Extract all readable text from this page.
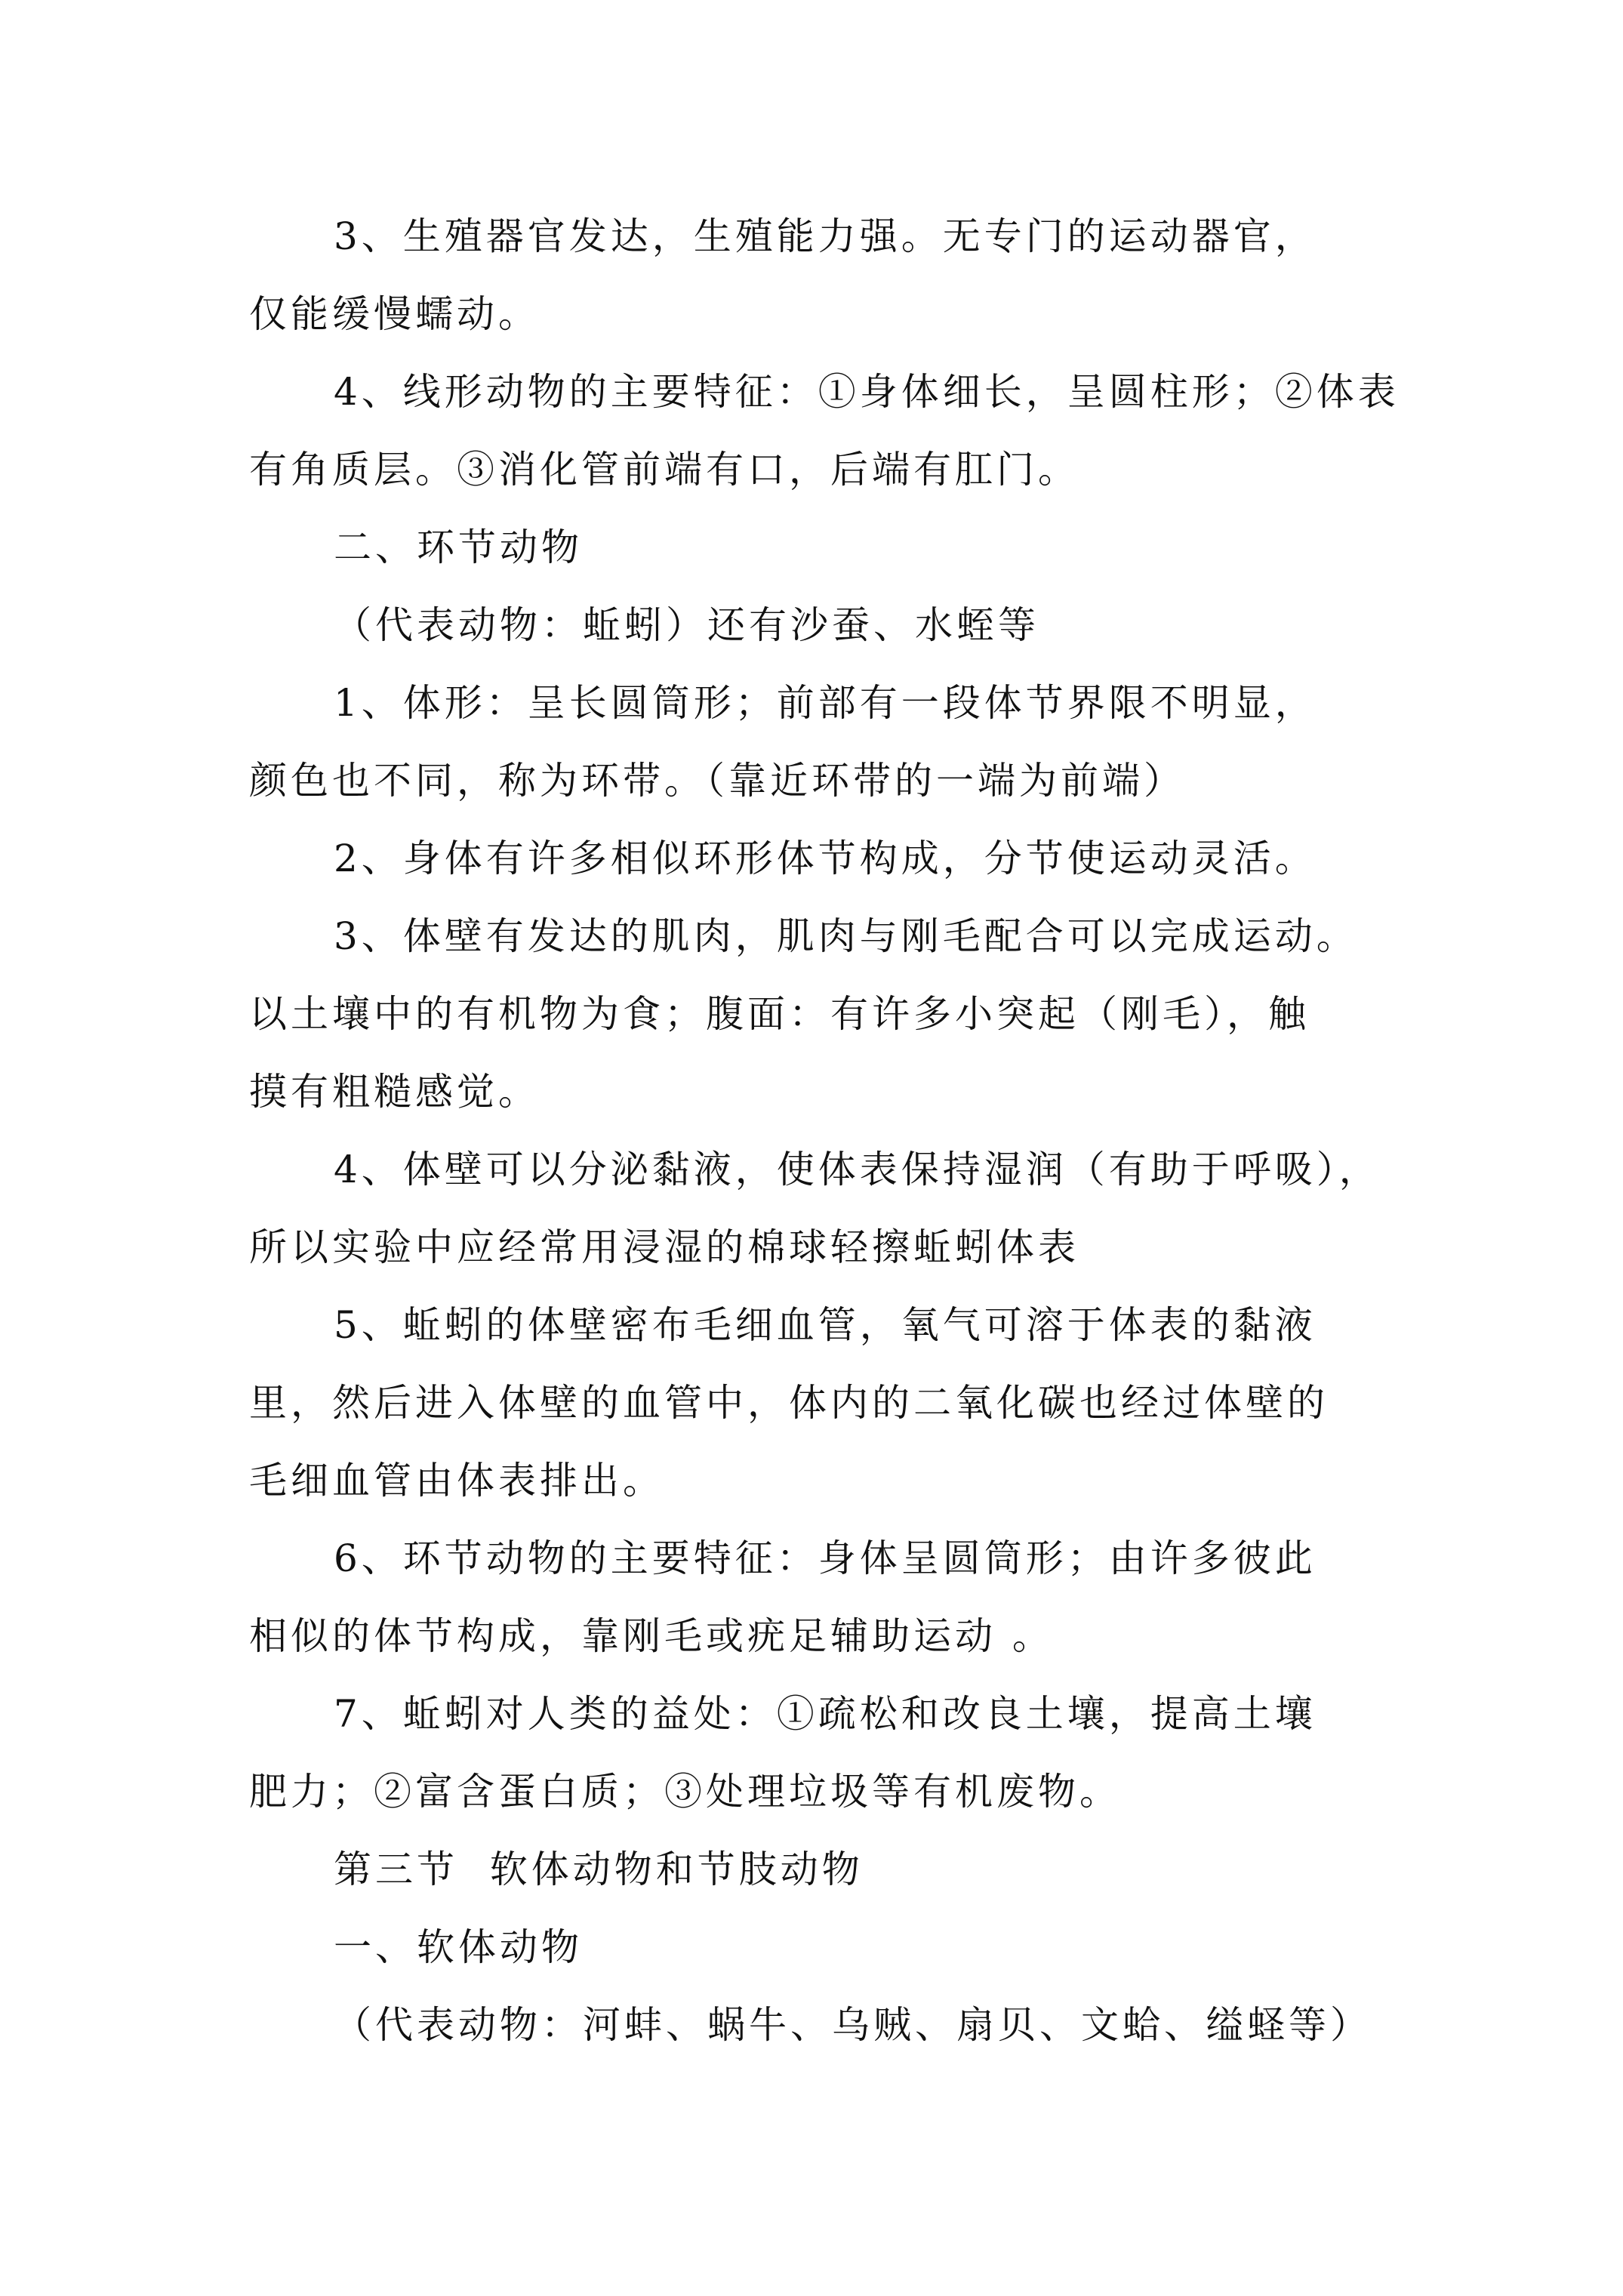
3、生殖器官发达，生殖能力强。无专门的运动器官，
仅能缓慢蠕动。

4、线形动物的主要特征：①身体细长，呈圆柱形；②体表
有角质层。③消化管前端有口，后端有肛门。

二、环节动物

（代表动物：蚯蚓）还有沙蚕、水蛭等

1、体形：呈长圆筒形；前部有一段体节界限不明显，
颜色也不同，称为环带。（靠近环带的一端为前端）

2、身体有许多相似环形体节构成，分节使运动灵活。

3、体壁有发达的肌肉，肌肉与刚毛配合可以完成运动。
以土壤中的有机物为食；腹面：有许多小突起（刚毛），触
摸有粗糙感觉。

4、体壁可以分泌黏液，使体表保持湿润（有助于呼吸），
所以实验中应经常用浸湿的棉球轻擦蚯蚓体表

5、蚯蚓的体壁密布毛细血管，氧气可溶于体表的黏液
里，然后进入体壁的血管中，体内的二氧化碳也经过体壁的
毛细血管由体表排出。

6、环节动物的主要特征：身体呈圆筒形；由许多彼此
相似的体节构成，靠刚毛或疣足辅助运动 。

7、蚯蚓对人类的益处：①疏松和改良土壤，提高土壤
肥力；②富含蛋白质；③处理垃圾等有机废物。

第三节  软体动物和节肢动物

一、软体动物

（代表动物：河蚌、蜗牛、乌贼、扇贝、文蛤、缢蛏等）
